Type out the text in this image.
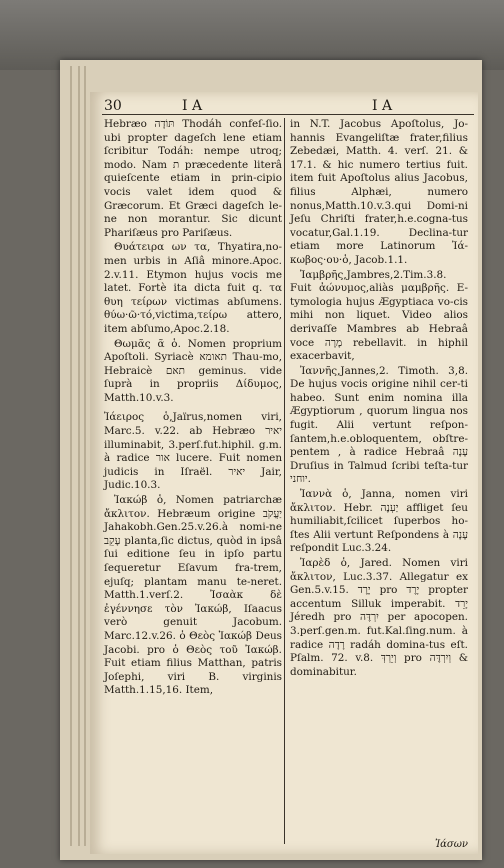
30	I A	I A

Hebræo תּוֹדָה Thodáh confeſ-ſio. ubi propter dageſch lene etiam ſcribitur Todáh: nempe utroq; modo. Nam ת præcedente literâ quieſcente etiam in prin-cipio vocis valet idem quod & Græcorum. Et Græci dageſch le-ne non morantur. Sic dicunt Phariſæus pro Pariſæus.

Θυάτειρα ων τα, Thyatira,no-men urbis in Aſiâ minore.Apoc. 2.v.11. Etymon hujus vocis me latet. Fortè ita dicta fuit q. τα θυη τείρων victimas abſumens. θύω·ῶ·τό,victima,τείρω attero, item abſumo,Apoc.2.18.

Θωμᾶς ᾶ ὁ. Nomen proprium Apoſtoli. Syriacè תאומא Thau-mo, Hebraicè תאם geminus. vide ſuprà in propriis Δίδυμος, Matth.10.v.3.

Ἰάειρος ὁ,Jaïrus,nomen viri, Marc.5. v.22. ab Hebræo יאיר illuminabit, 3.perſ.fut.hiphil. g.m. à radice אור lucere. Fuit nomen judicis in Iſraël. יאיר Jair, Judic.10.3.

Ἰακώβ ὁ, Nomen patriarchæ ἄκλιτον. Hebræum origine יַעֲקֹב Jahakobh.Gen.25.v.26.à nomi-ne עָקֵב planta,ſic dictus, quòd in ipsâ ſui editione ſeu in ipſo partu ſequeretur Eſavum fra-trem, ejuſq; plantam manu te-neret. Matth.1.verſ.2. Ἰσαὰκ δὲ ἐγέννησε τὸν Ἰακώβ, Iſaacus verò genuit Jacobum. Marc.12.v.26. ὁ Θεὸς Ἰακώβ Deus Jacobi. pro ὁ Θεὸς τοῦ Ἰακώβ. Fuit etiam filius Matthan, patris Joſephi, viri B. virginis Matth.1.15,16. Item,

in N.T. Jacobus Apoſtolus, Jo-hannis Evangeliſtæ frater,filius Zebedæi, Matth. 4. verſ. 21. & 17.1. & hic numero tertius fuit. item fuit Apoſtolus alius Jacobus, filius Alphæi, numero nonus,Matth.10.v.3.qui Domi-ni Jeſu Chriſti frater,h.e.cogna-tus vocatur,Gal.1.19. Declina-tur etiam more Latinorum Ἰά-κωβος·ου·ὁ, Jacob.1.1.

Ἰαμβρῆς,Jambres,2.Tim.3.8. Fuit ἀώνυμος,aliàs μαμβρῆς. E-tymologia hujus Ægyptiaca vo-cis mihi non liquet. Video alios derivaſſe Mambres ab Hebraâ voce מָרָה rebellavit. in hiphil exacerbavit,

Ἰαννῆς,Jannes,2. Timoth. 3,8. De hujus vocis origine nihil cer-ti habeo. Sunt enim nomina illa Ægyptiorum , quorum lingua nos fugit. Alii vertunt reſpon-ſantem,h.e.obloquentem, obſtre-pentem , à radice Hebraâ עָנָה Druſius in Talmud ſcribi teſta-tur יוחני.

Ἰαννὰ ὁ, Janna, nomen viri ἄκλιτον. Hebr. יַעְנֶה affliget ſeu humiliabit,ſcilicet ſuperbos ho-ſtes Alii vertunt Reſpondens à עָנָה reſpondit Luc.3.24.

Ἰαρὲδ ὁ, Jared. Nomen viri ἄκλιτον, Luc.3.37. Allegatur ex Gen.5.v.15. יֶרֶד pro יָרֶד propter accentum Silluk imperabit. יָרֵד Jéredh pro יִרְדֶּה per apocopen. 3.perſ.gen.m. fut.Kal.ſing.num. à radice רָדָה radáh domina-tus eſt. Pſalm. 72. v.8. וְיֵרְדְּ pro וְיִרְדֶּה & dominabitur.

Ἰάσων
